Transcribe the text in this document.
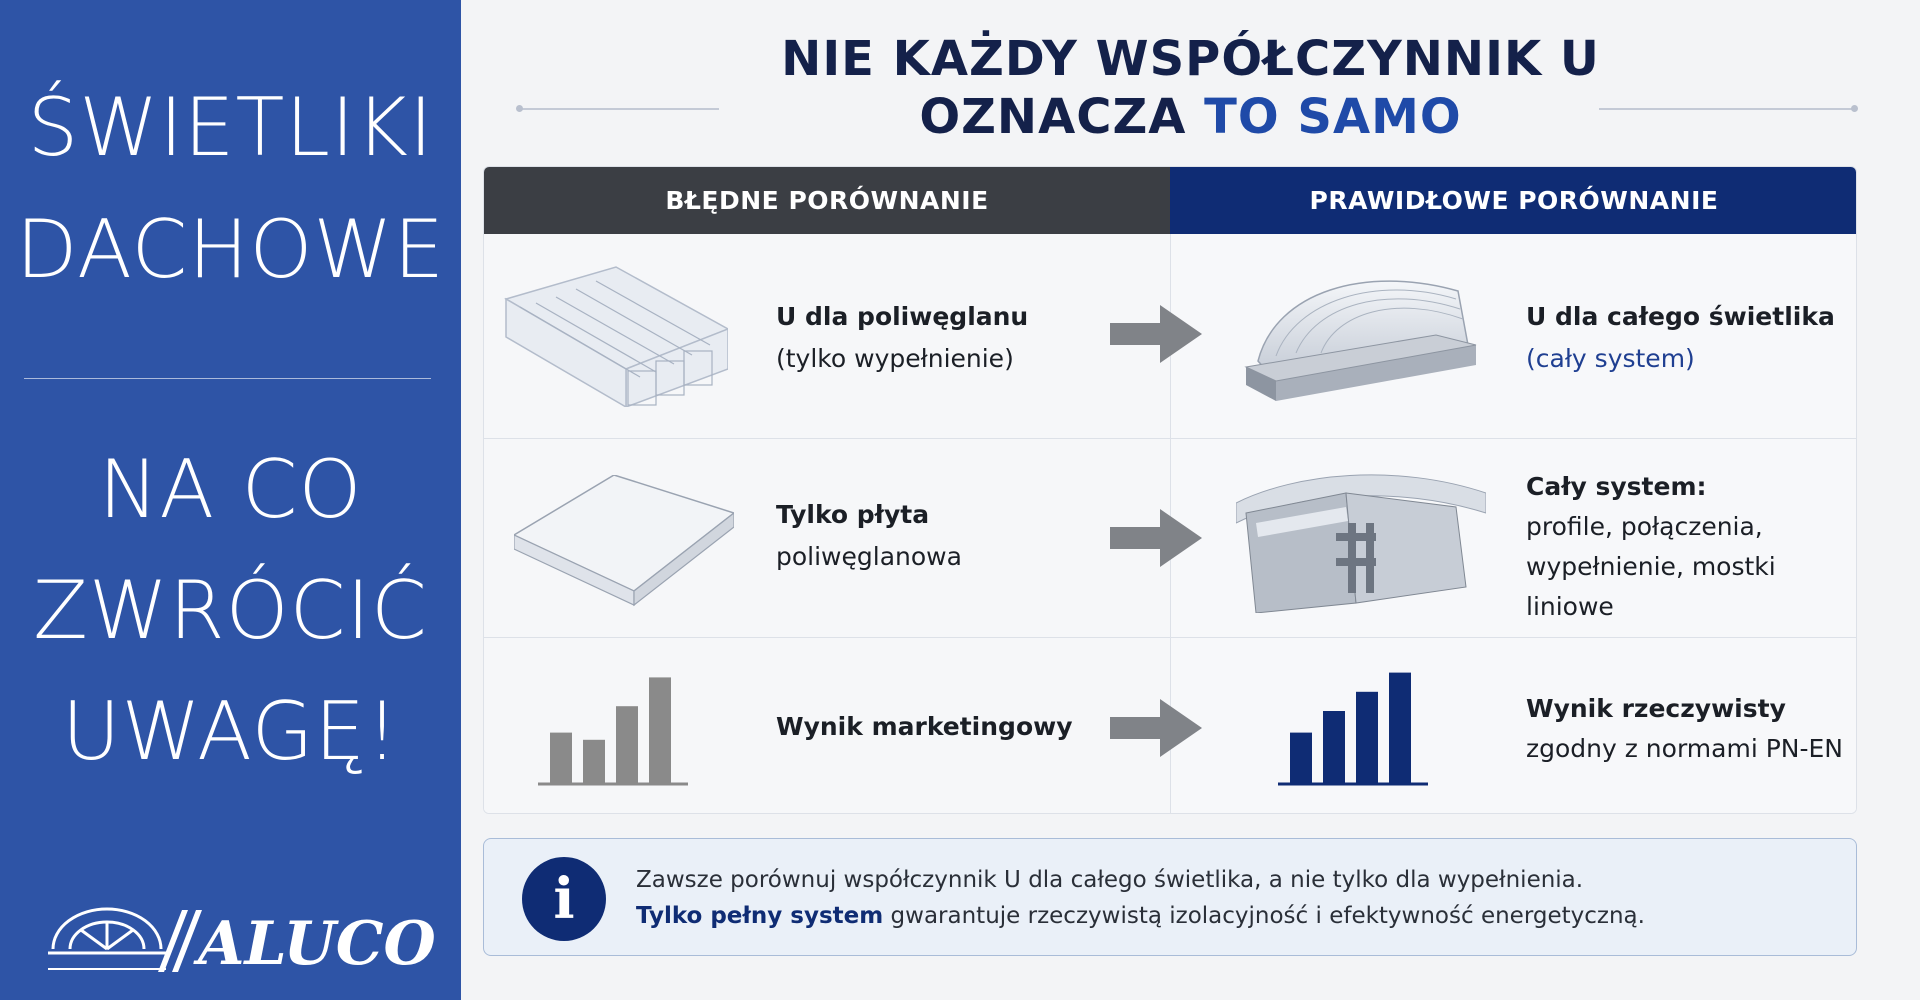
ŚWIETLIKI
DACHOWE
NA CO
ZWRÓCIĆ
UWAGĘ!
ALUCO
NIE KAŻDY WSPÓŁCZYNNIK U
OZNACZA TO SAMO
BŁĘDNE PORÓWNANIE	PRAWIDŁOWE PORÓWNANIE
U dla poliwęglanu
(tylko wypełnienie)
U dla całego świetlika
(cały system)
Tylko płyta
poliwęglanowa
Cały system:
profile, połączenia,
wypełnienie, mostki liniowe
Wynik marketingowy
Wynik rzeczywisty
zgodny z normami PN-EN
i	Zawsze porównuj współczynnik U dla całego świetlika, a nie tylko dla wypełnienia.
Tylko pełny system gwarantuje rzeczywistą izolacyjność i efektywność energetyczną.
